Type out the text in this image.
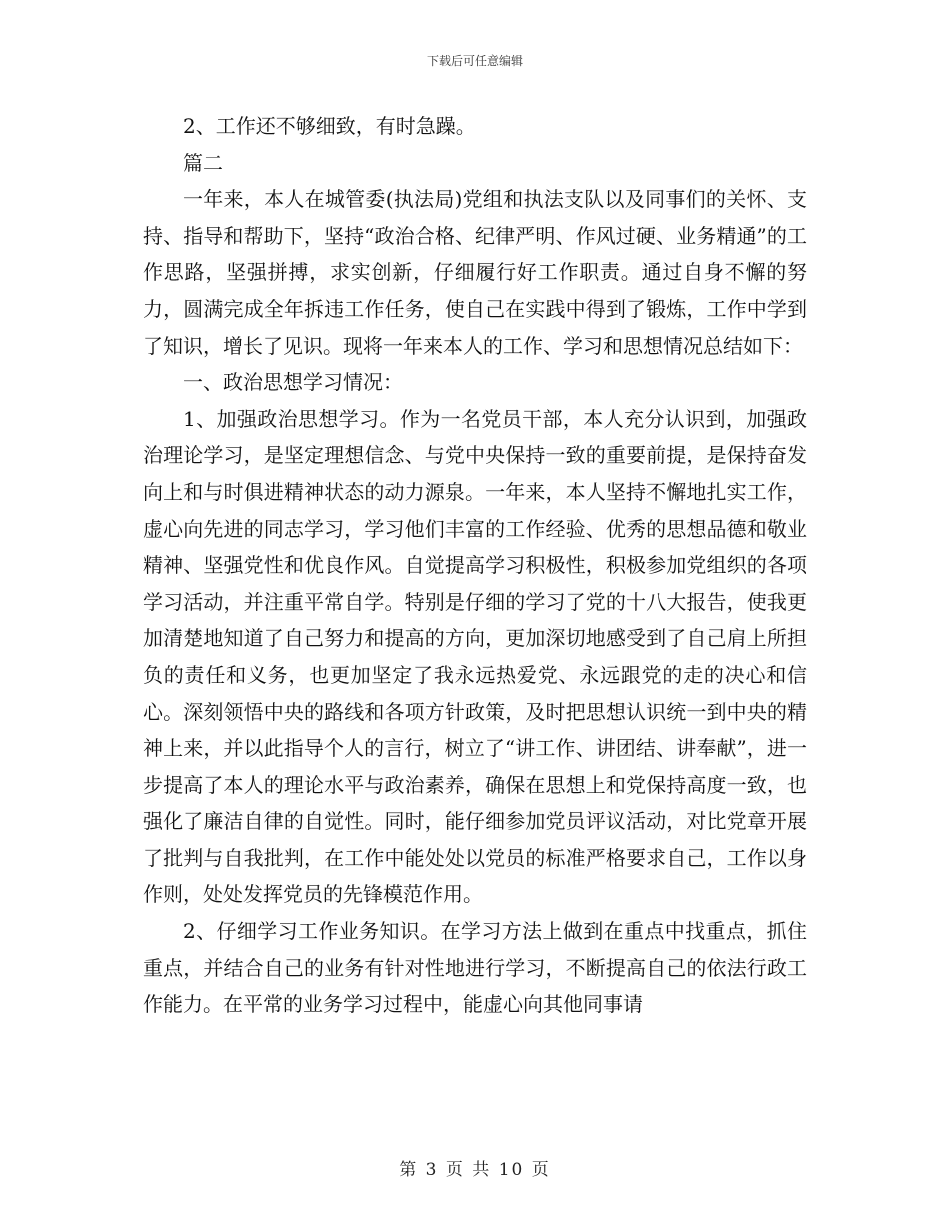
下载后可任意编辑

2、工作还不够细致，有时急躁。

篇二

一年来，本人在城管委(执法局)党组和执法支队以及同事们的关怀、支持、指导和帮助下，坚持“政治合格、纪律严明、作风过硬、业务精通”的工作思路，坚强拼搏，求实创新，仔细履行好工作职责。通过自身不懈的努力，圆满完成全年拆违工作任务，使自己在实践中得到了锻炼，工作中学到了知识，增长了见识。现将一年来本人的工作、学习和思想情况总结如下：

一、政治思想学习情况：

1、加强政治思想学习。作为一名党员干部，本人充分认识到，加强政治理论学习，是坚定理想信念、与党中央保持一致的重要前提，是保持奋发向上和与时俱进精神状态的动力源泉。一年来，本人坚持不懈地扎实工作，虚心向先进的同志学习，学习他们丰富的工作经验、优秀的思想品德和敬业精神、坚强党性和优良作风。自觉提高学习积极性，积极参加党组织的各项学习活动，并注重平常自学。特别是仔细的学习了党的十八大报告，使我更加清楚地知道了自己努力和提高的方向，更加深切地感受到了自己肩上所担负的责任和义务，也更加坚定了我永远热爱党、永远跟党的走的决心和信心。深刻领悟中央的路线和各项方针政策，及时把思想认识统一到中央的精神上来，并以此指导个人的言行，树立了“讲工作、讲团结、讲奉献”，进一步提高了本人的理论水平与政治素养，确保在思想上和党保持高度一致，也强化了廉洁自律的自觉性。同时，能仔细参加党员评议活动，对比党章开展了批判与自我批判，在工作中能处处以党员的标准严格要求自己，工作以身作则，处处发挥党员的先锋模范作用。

2、仔细学习工作业务知识。在学习方法上做到在重点中找重点，抓住重点，并结合自己的业务有针对性地进行学习，不断提高自己的依法行政工作能力。在平常的业务学习过程中，能虚心向其他同事请

第 3 页 共 10 页
